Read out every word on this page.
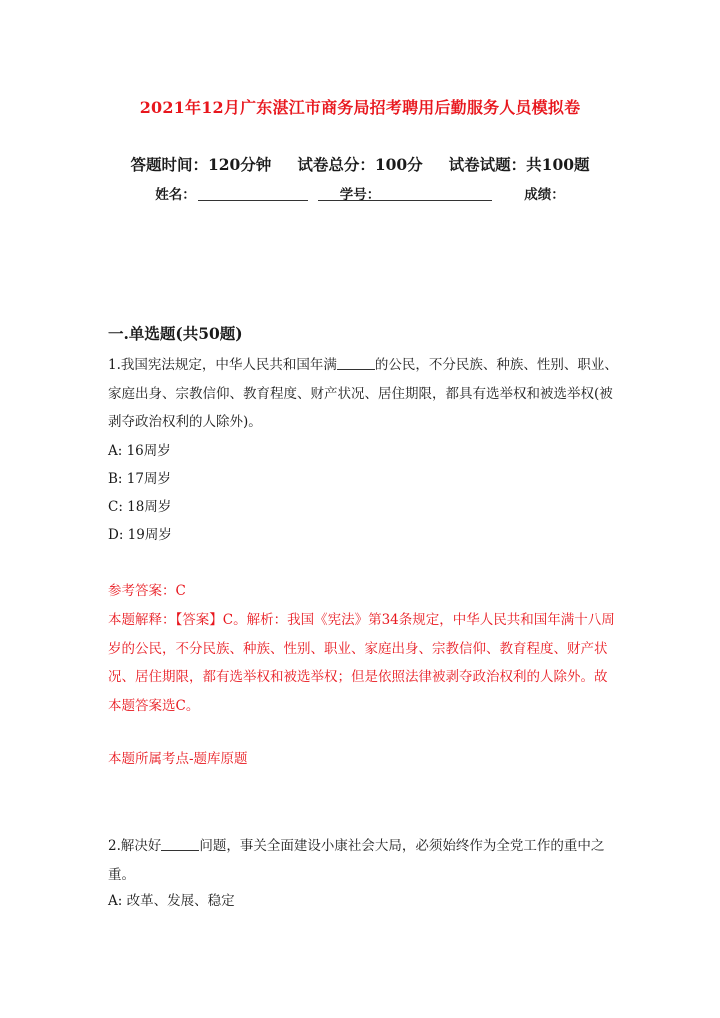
2021年12月广东湛江市商务局招考聘用后勤服务人员模拟卷
答题时间：120分钟 试卷总分：100分 试卷试题：共100题
姓名：	学号：	成绩：
一.单选题(共50题)
1.我国宪法规定，中华人民共和国年满	的公民，不分民族、种族、性别、职业、家庭出身、宗教信仰、教育程度、财产状况、居住期限，都具有选举权和被选举权(被剥夺政治权利的人除外)。
A: 16周岁
B: 17周岁
C: 18周岁
D: 19周岁
参考答案：C
本题解释：【答案】C。解析：我国《宪法》第34条规定，中华人民共和国年满十八周岁的公民，不分民族、种族、性别、职业、家庭出身、宗教信仰、教育程度、财产状况、居住期限，都有选举权和被选举权；但是依照法律被剥夺政治权利的人除外。故本题答案选C。
本题所属考点-题库原题
2.解决好	问题，事关全面建设小康社会大局，必须始终作为全党工作的重中之重。
A: 改革、发展、稳定
